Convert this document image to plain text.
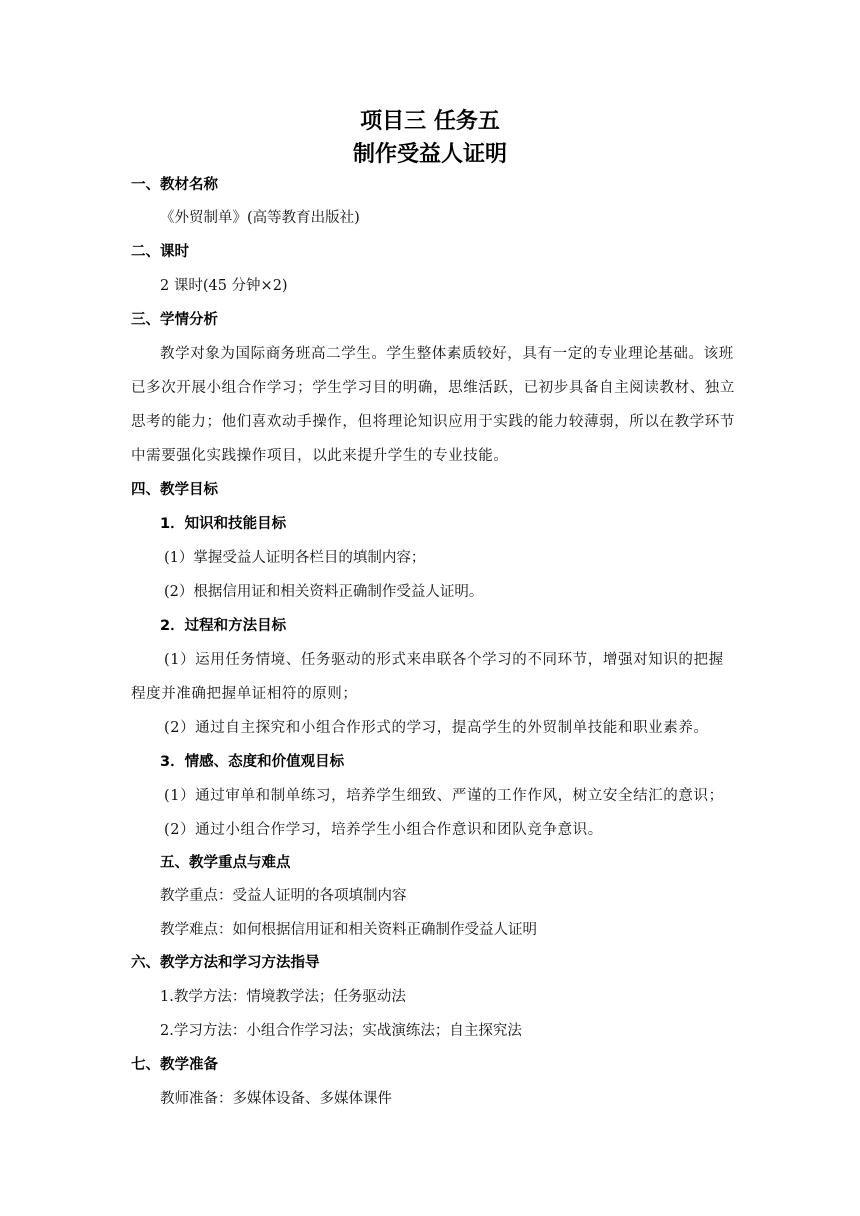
项目三 任务五
制作受益人证明
一、教材名称
《外贸制单》(高等教育出版社)
二、课时
2 课时(45 分钟×2)
三、学情分析
教学对象为国际商务班高二学生。学生整体素质较好，具有一定的专业理论基础。该班
已多次开展小组合作学习；学生学习目的明确，思维活跃，已初步具备自主阅读教材、独立
思考的能力；他们喜欢动手操作，但将理论知识应用于实践的能力较薄弱，所以在教学环节
中需要强化实践操作项目，以此来提升学生的专业技能。
四、教学目标
1．知识和技能目标
(1）掌握受益人证明各栏目的填制内容；
(2）根据信用证和相关资料正确制作受益人证明。
2．过程和方法目标
(1）运用任务情境、任务驱动的形式来串联各个学习的不同环节，增强对知识的把握
程度并准确把握单证相符的原则；
(2）通过自主探究和小组合作形式的学习，提高学生的外贸制单技能和职业素养。
3．情感、态度和价值观目标
(1）通过审单和制单练习，培养学生细致、严谨的工作作风，树立安全结汇的意识；
(2）通过小组合作学习，培养学生小组合作意识和团队竞争意识。
五、教学重点与难点
教学重点：受益人证明的各项填制内容
教学难点：如何根据信用证和相关资料正确制作受益人证明
六、教学方法和学习方法指导
1.教学方法：情境教学法；任务驱动法
2.学习方法：小组合作学习法；实战演练法；自主探究法
七、教学准备
教师准备：多媒体设备、多媒体课件
